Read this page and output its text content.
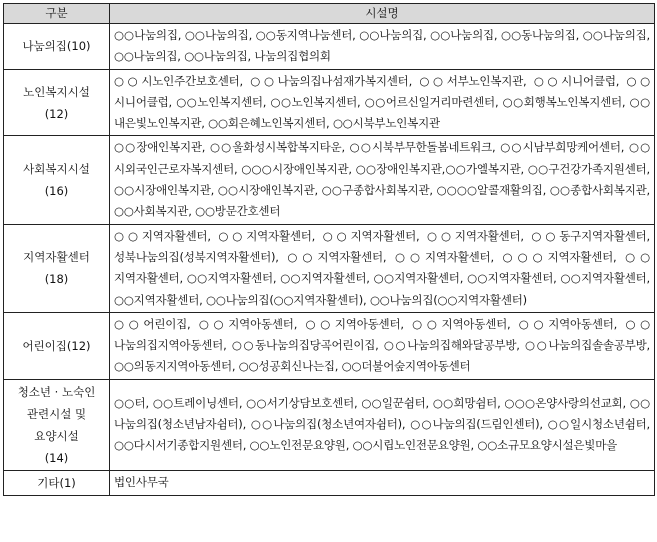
구분	시설명
나눔의집(10)	○○나눔의집, ○○나눔의집, ○○동지역나눔센터, ○○나눔의집, ○○나눔의집, ○○동나눔의집, ○○나눔의집, ○○나눔의집, ○○나눔의집, 나눔의집협의회
노인복지시설
(12)	○○시노인주간보호센터, ○○나눔의집나섬재가복지센터, ○○서부노인복지관, ○○시니어클럽, ○○시니어클럽, ○○노인복지센터, ○○노인복지센터, ○○어르신일거리마련센터, ○○회행복노인복지센터, ○○내은빛노인복지관, ○○회은혜노인복지센터, ○○시북부노인복지관
사회복지시설
(16)	○○장애인복지관, ○○울화성시복합복지타운, ○○시북부무한돌봄네트워크, ○○시남부희망케어센터, ○○시외국인근로자복지센터, ○○○시장애인복지관, ○○장애인복지관,○○가엘복지관, ○○구건강가족지원센터, ○○시장애인복지관, ○○시장애인복지관, ○○구종합사회복지관, ○○○○알콜재활의집, ○○종합사회복지관, ○○사회복지관, ○○방문간호센터
지역자활센터
(18)	○○지역자활센터, ○○지역자활센터, ○○지역자활센터, ○○지역자활센터, ○○동구지역자활센터, 성북나눔의집(성북지역자활센터), ○○지역자활센터, ○○지역자활센터, ○○○지역자활센터, ○○지역자활센터, ○○지역자활센터, ○○지역자활센터, ○○지역자활센터, ○○지역자활센터, ○○지역자활센터, ○○지역자활센터, ○○나눔의집(○○지역자활센터), ○○나눔의집(○○지역자활센터)
어린이집(12)	○○어린이집, ○○지역아동센터, ○○지역아동센터, ○○지역아동센터, ○○지역아동센터, ○○나눔의집지역아동센터, ○○동나눔의집당곡어린이집, ○○나눔의집해와달공부방, ○○나눔의집솔솔공부방, ○○의동지지역아동센터, ○○성공회신나는집, ○○더불어숲지역아동센터
청소년 · 노숙인
관련시설 및
요양시설
(14)	○○터, ○○트레이닝센터, ○○서기상담보호센터, ○○일꾼쉼터, ○○희망쉼터, ○○○온양사랑의선교회, ○○나눔의집(청소년남자쉼터), ○○나눔의집(청소년여자쉼터), ○○나눔의집(드림인센터), ○○일시청소년쉼터, ○○다시서기종합지원센터, ○○노인전문요양원, ○○시립노인전문요양원, ○○소규모요양시설은빛마을
기타(1)	법인사무국
